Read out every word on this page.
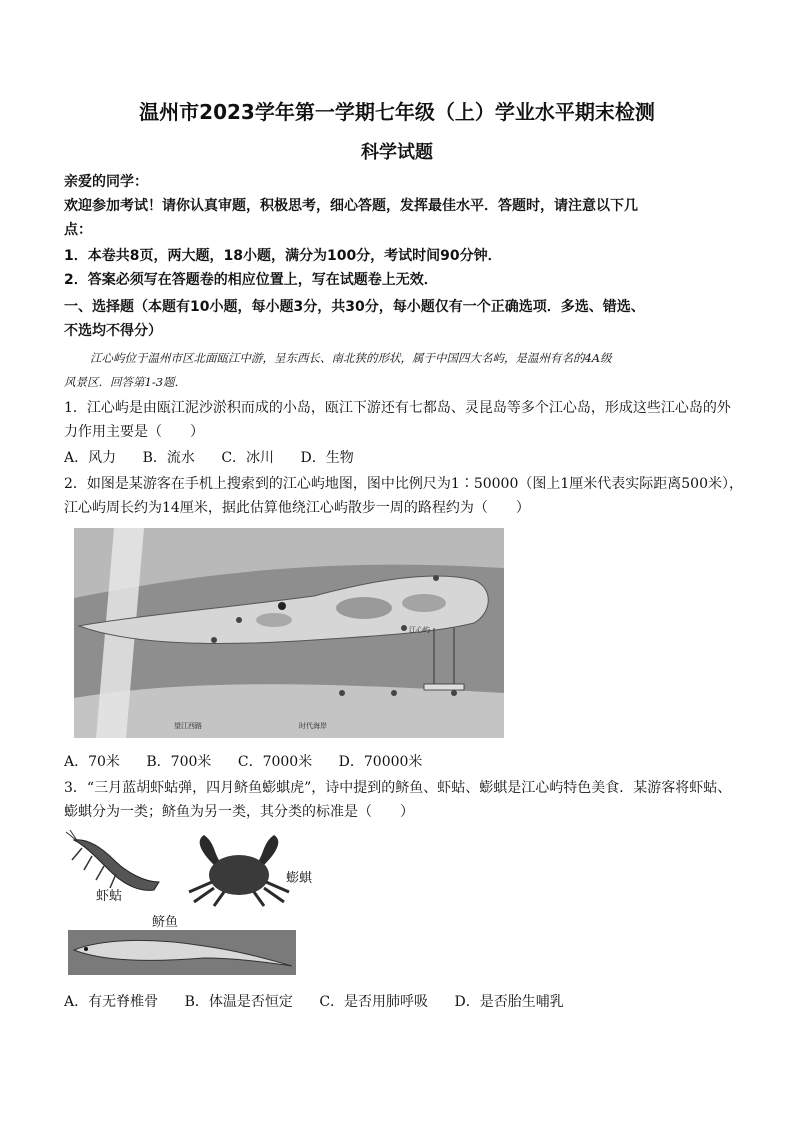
温州市2023学年第一学期七年级（上）学业水平期末检测
科学试题
亲爱的同学：
欢迎参加考试！请你认真审题，积极思考，细心答题，发挥最佳水平．答题时，请注意以下几
点：
1．本卷共8页，两大题，18小题，满分为100分，考试时间90分钟．
2．答案必须写在答题卷的相应位置上，写在试题卷上无效．
一、选择题（本题有10小题，每小题3分，共30分，每小题仅有一个正确选项．多选、错选、
不选均不得分）
江心屿位于温州市区北面瓯江中游，呈东西长、南北狭的形状，属于中国四大名屿，是温州有名的4A级
风景区．回答第1-3题．
1．江心屿是由瓯江泥沙淤积而成的小岛，瓯江下游还有七都岛、灵昆岛等多个江心岛，形成这些江心岛的外
力作用主要是（　　）
A．风力 B．流水 C．冰川 D．生物
2．如图是某游客在手机上搜索到的江心屿地图，图中比例尺为1∶50000（图上1厘米代表实际距离500米），
江心屿周长约为14厘米，据此估算他绕江心屿散步一周的路程约为（　　）
江心屿
时代海岸
望江西路
A．70米 B．700米 C．7000米 D．70000米
3．“三月蓝胡虾蛄弹，四月鲚鱼蟛蜞虎”，诗中提到的鲚鱼、虾蛄、蟛蜞是江心屿特色美食．某游客将虾蛄、
蟛蜞分为一类；鲚鱼为另一类，其分类的标准是（　　）
虾蛄
蟛蜞
鲚鱼
A．有无脊椎骨 B．体温是否恒定 C．是否用肺呼吸 D．是否胎生哺乳
